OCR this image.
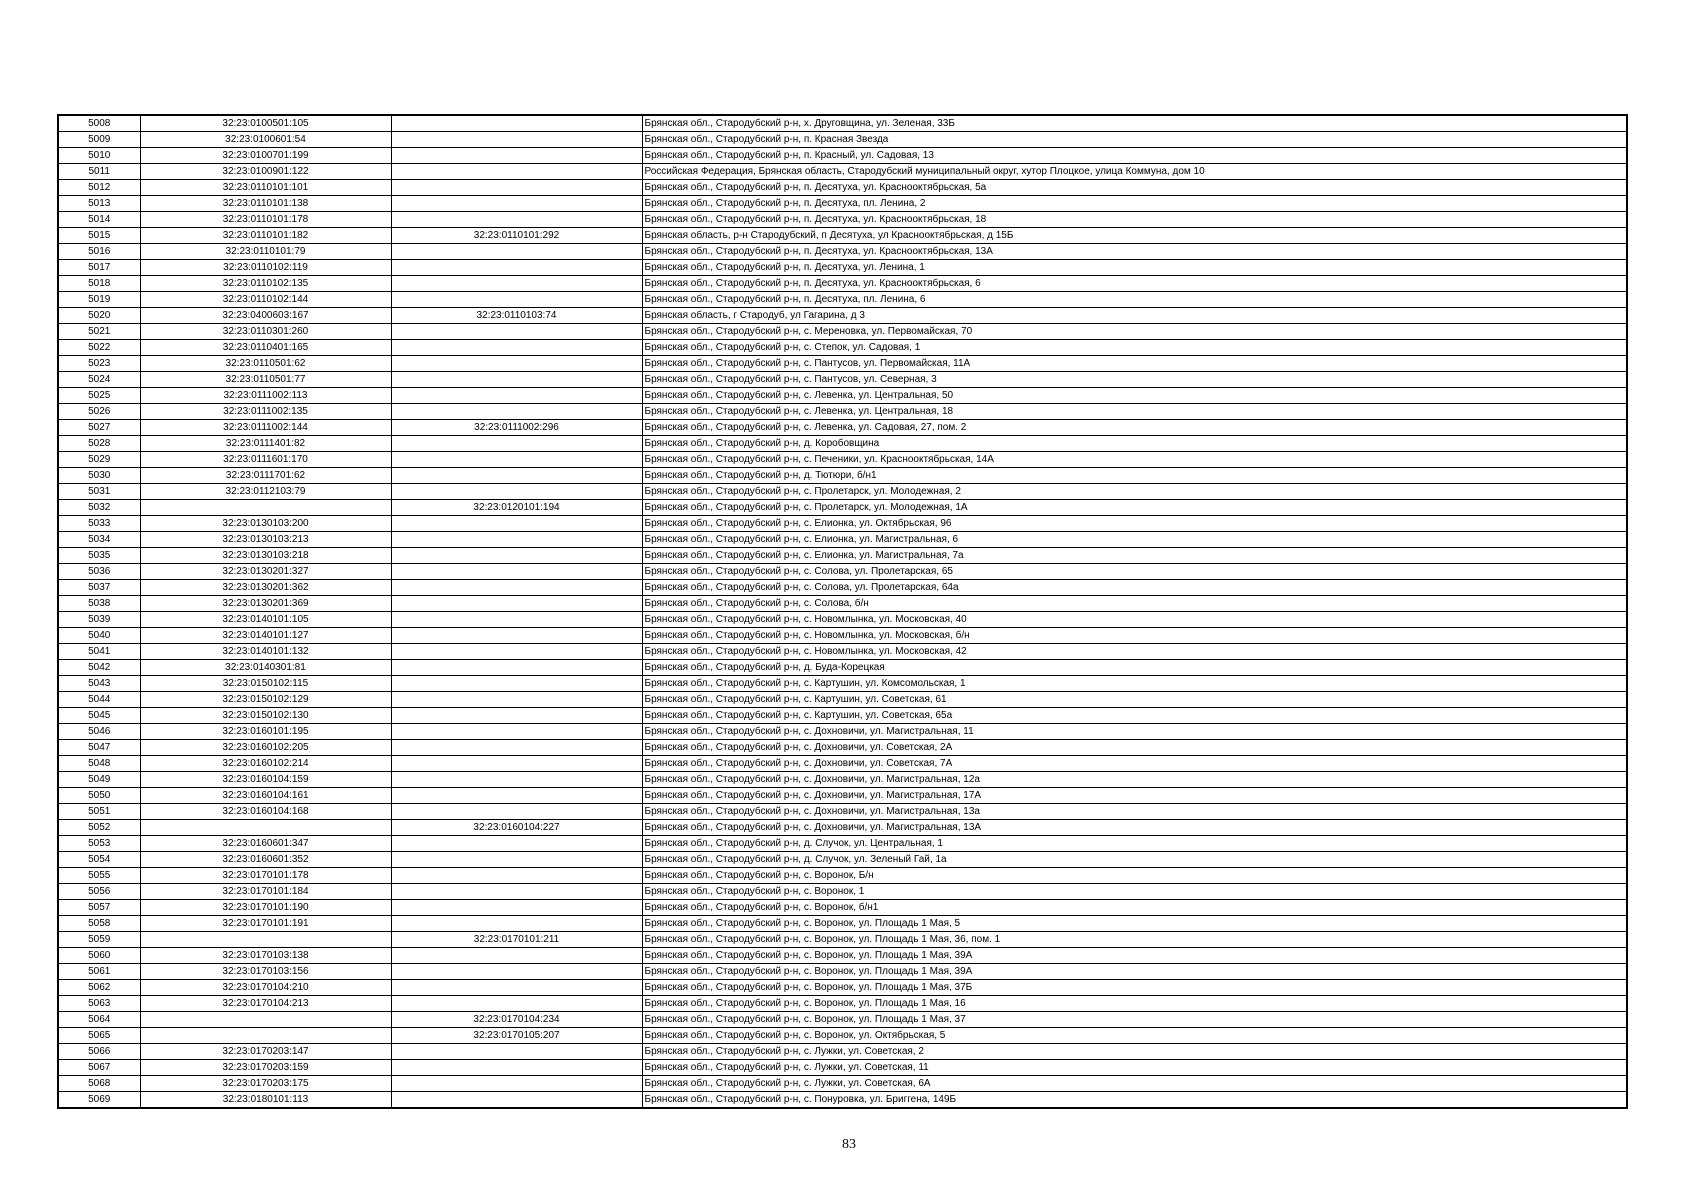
5008	32:23:0100501:105		Брянская обл., Стародубский р-н, х. Друговщина, ул. Зеленая, 33Б
5009	32:23:0100601:54		Брянская обл., Стародубский р-н, п. Красная Звезда
5010	32:23:0100701:199		Брянская обл., Стародубский р-н, п. Красный, ул. Садовая, 13
5011	32:23:0100901:122		Российская Федерация, Брянская область, Стародубский муниципальный округ, хутор Плоцкое, улица Коммуна, дом 10
5012	32:23:0110101:101		Брянская обл., Стародубский р-н, п. Десятуха, ул. Краснооктябрьская, 5а
5013	32:23:0110101:138		Брянская обл., Стародубский р-н, п. Десятуха, пл. Ленина, 2
5014	32:23:0110101:178		Брянская обл., Стародубский р-н, п. Десятуха, ул. Краснооктябрьская, 18
5015	32:23:0110101:182	32:23:0110101:292	Брянская область, р-н Стародубский, п Десятуха, ул Краснооктябрьская, д 15Б
5016	32:23:0110101:79		Брянская обл., Стародубский р-н, п. Десятуха, ул. Краснооктябрьская, 13А
5017	32:23:0110102:119		Брянская обл., Стародубский р-н, п. Десятуха, ул. Ленина, 1
5018	32:23:0110102:135		Брянская обл., Стародубский р-н, п. Десятуха, ул. Краснооктябрьская, 6
5019	32:23:0110102:144		Брянская обл., Стародубский р-н, п. Десятуха, пл. Ленина, 6
5020	32:23:0400603:167	32:23:0110103:74	Брянская область, г Стародуб, ул Гагарина, д 3
5021	32:23:0110301:260		Брянская обл., Стародубский р-н, с. Мереновка, ул. Первомайская, 70
5022	32:23:0110401:165		Брянская обл., Стародубский р-н, с. Степок, ул. Садовая, 1
5023	32:23:0110501:62		Брянская обл., Стародубский р-н, с. Пантусов, ул. Первомайская, 11А
5024	32:23:0110501:77		Брянская обл., Стародубский р-н, с. Пантусов, ул. Северная, 3
5025	32:23:0111002:113		Брянская обл., Стародубский р-н, с. Левенка, ул. Центральная, 50
5026	32:23:0111002:135		Брянская обл., Стародубский р-н, с. Левенка, ул. Центральная, 18
5027	32:23:0111002:144	32:23:0111002:296	Брянская обл., Стародубский р-н, с. Левенка, ул. Садовая, 27, пом. 2
5028	32:23:0111401:82		Брянская обл., Стародубский р-н, д. Коробовщина
5029	32:23:0111601:170		Брянская обл., Стародубский р-н, с. Печеники, ул. Краснооктябрьская, 14А
5030	32:23:0111701:62		Брянская обл., Стародубский р-н, д. Тютюри, б/н1
5031	32:23:0112103:79		Брянская обл., Стародубский р-н, с. Пролетарск, ул. Молодежная, 2
5032		32:23:0120101:194	Брянская обл., Стародубский р-н, с. Пролетарск, ул. Молодежная, 1А
5033	32:23:0130103:200		Брянская обл., Стародубский р-н, с. Елионка, ул. Октябрьская, 96
5034	32:23:0130103:213		Брянская обл., Стародубский р-н, с. Елионка, ул. Магистральная, 6
5035	32:23:0130103:218		Брянская обл., Стародубский р-н, с. Елионка, ул. Магистральная, 7а
5036	32:23:0130201:327		Брянская обл., Стародубский р-н, с. Солова, ул. Пролетарская, 65
5037	32:23:0130201:362		Брянская обл., Стародубский р-н, с. Солова, ул. Пролетарская, 64а
5038	32:23:0130201:369		Брянская обл., Стародубский р-н, с. Солова, б/н
5039	32:23:0140101:105		Брянская обл., Стародубский р-н, с. Новомлынка, ул. Московская, 40
5040	32:23:0140101:127		Брянская обл., Стародубский р-н, с. Новомлынка, ул. Московская, б/н
5041	32:23:0140101:132		Брянская обл., Стародубский р-н, с. Новомлынка, ул. Московская, 42
5042	32:23:0140301:81		Брянская обл., Стародубский р-н, д. Буда-Корецкая
5043	32:23:0150102:115		Брянская обл., Стародубский р-н, с. Картушин, ул. Комсомольская, 1
5044	32:23:0150102:129		Брянская обл., Стародубский р-н, с. Картушин, ул. Советская, 61
5045	32:23:0150102:130		Брянская обл., Стародубский р-н, с. Картушин, ул. Советская, 65а
5046	32:23:0160101:195		Брянская обл., Стародубский р-н, с. Дохновичи, ул. Магистральная, 11
5047	32:23:0160102:205		Брянская обл., Стародубский р-н, с. Дохновичи, ул. Советская, 2А
5048	32:23:0160102:214		Брянская обл., Стародубский р-н, с. Дохновичи, ул. Советская, 7А
5049	32:23:0160104:159		Брянская обл., Стародубский р-н, с. Дохновичи, ул. Магистральная, 12а
5050	32:23:0160104:161		Брянская обл., Стародубский р-н, с. Дохновичи, ул. Магистральная, 17А
5051	32:23:0160104:168		Брянская обл., Стародубский р-н, с. Дохновичи, ул. Магистральная, 13а
5052		32:23:0160104:227	Брянская обл., Стародубский р-н, с. Дохновичи, ул. Магистральная, 13А
5053	32:23:0160601:347		Брянская обл., Стародубский р-н, д. Случок, ул. Центральная, 1
5054	32:23:0160601:352		Брянская обл., Стародубский р-н, д. Случок, ул. Зеленый Гай, 1а
5055	32:23:0170101:178		Брянская обл., Стародубский р-н, с. Воронок, Б/н
5056	32:23:0170101:184		Брянская обл., Стародубский р-н, с. Воронок, 1
5057	32:23:0170101:190		Брянская обл., Стародубский р-н, с. Воронок, б/н1
5058	32:23:0170101:191		Брянская обл., Стародубский р-н, с. Воронок, ул. Площадь 1 Мая, 5
5059		32:23:0170101:211	Брянская обл., Стародубский р-н, с. Воронок, ул. Площадь 1 Мая, 36, пом. 1
5060	32:23:0170103:138		Брянская обл., Стародубский р-н, с. Воронок, ул. Площадь 1 Мая, 39А
5061	32:23:0170103:156		Брянская обл., Стародубский р-н, с. Воронок, ул. Площадь 1 Мая, 39А
5062	32:23:0170104:210		Брянская обл., Стародубский р-н, с. Воронок, ул. Площадь 1 Мая, 37Б
5063	32:23:0170104:213		Брянская обл., Стародубский р-н, с. Воронок, ул. Площадь 1 Мая, 16
5064		32:23:0170104:234	Брянская обл., Стародубский р-н, с. Воронок, ул. Площадь 1 Мая, 37
5065		32:23:0170105:207	Брянская обл., Стародубский р-н, с. Воронок, ул. Октябрьская, 5
5066	32:23:0170203:147		Брянская обл., Стародубский р-н, с. Лужки, ул. Советская, 2
5067	32:23:0170203:159		Брянская обл., Стародубский р-н, с. Лужки, ул. Советская, 11
5068	32:23:0170203:175		Брянская обл., Стародубский р-н, с. Лужки, ул. Советская, 6А
5069	32:23:0180101:113		Брянская обл., Стародубский р-н, с. Понуровка, ул. Бриггена, 149Б
83
